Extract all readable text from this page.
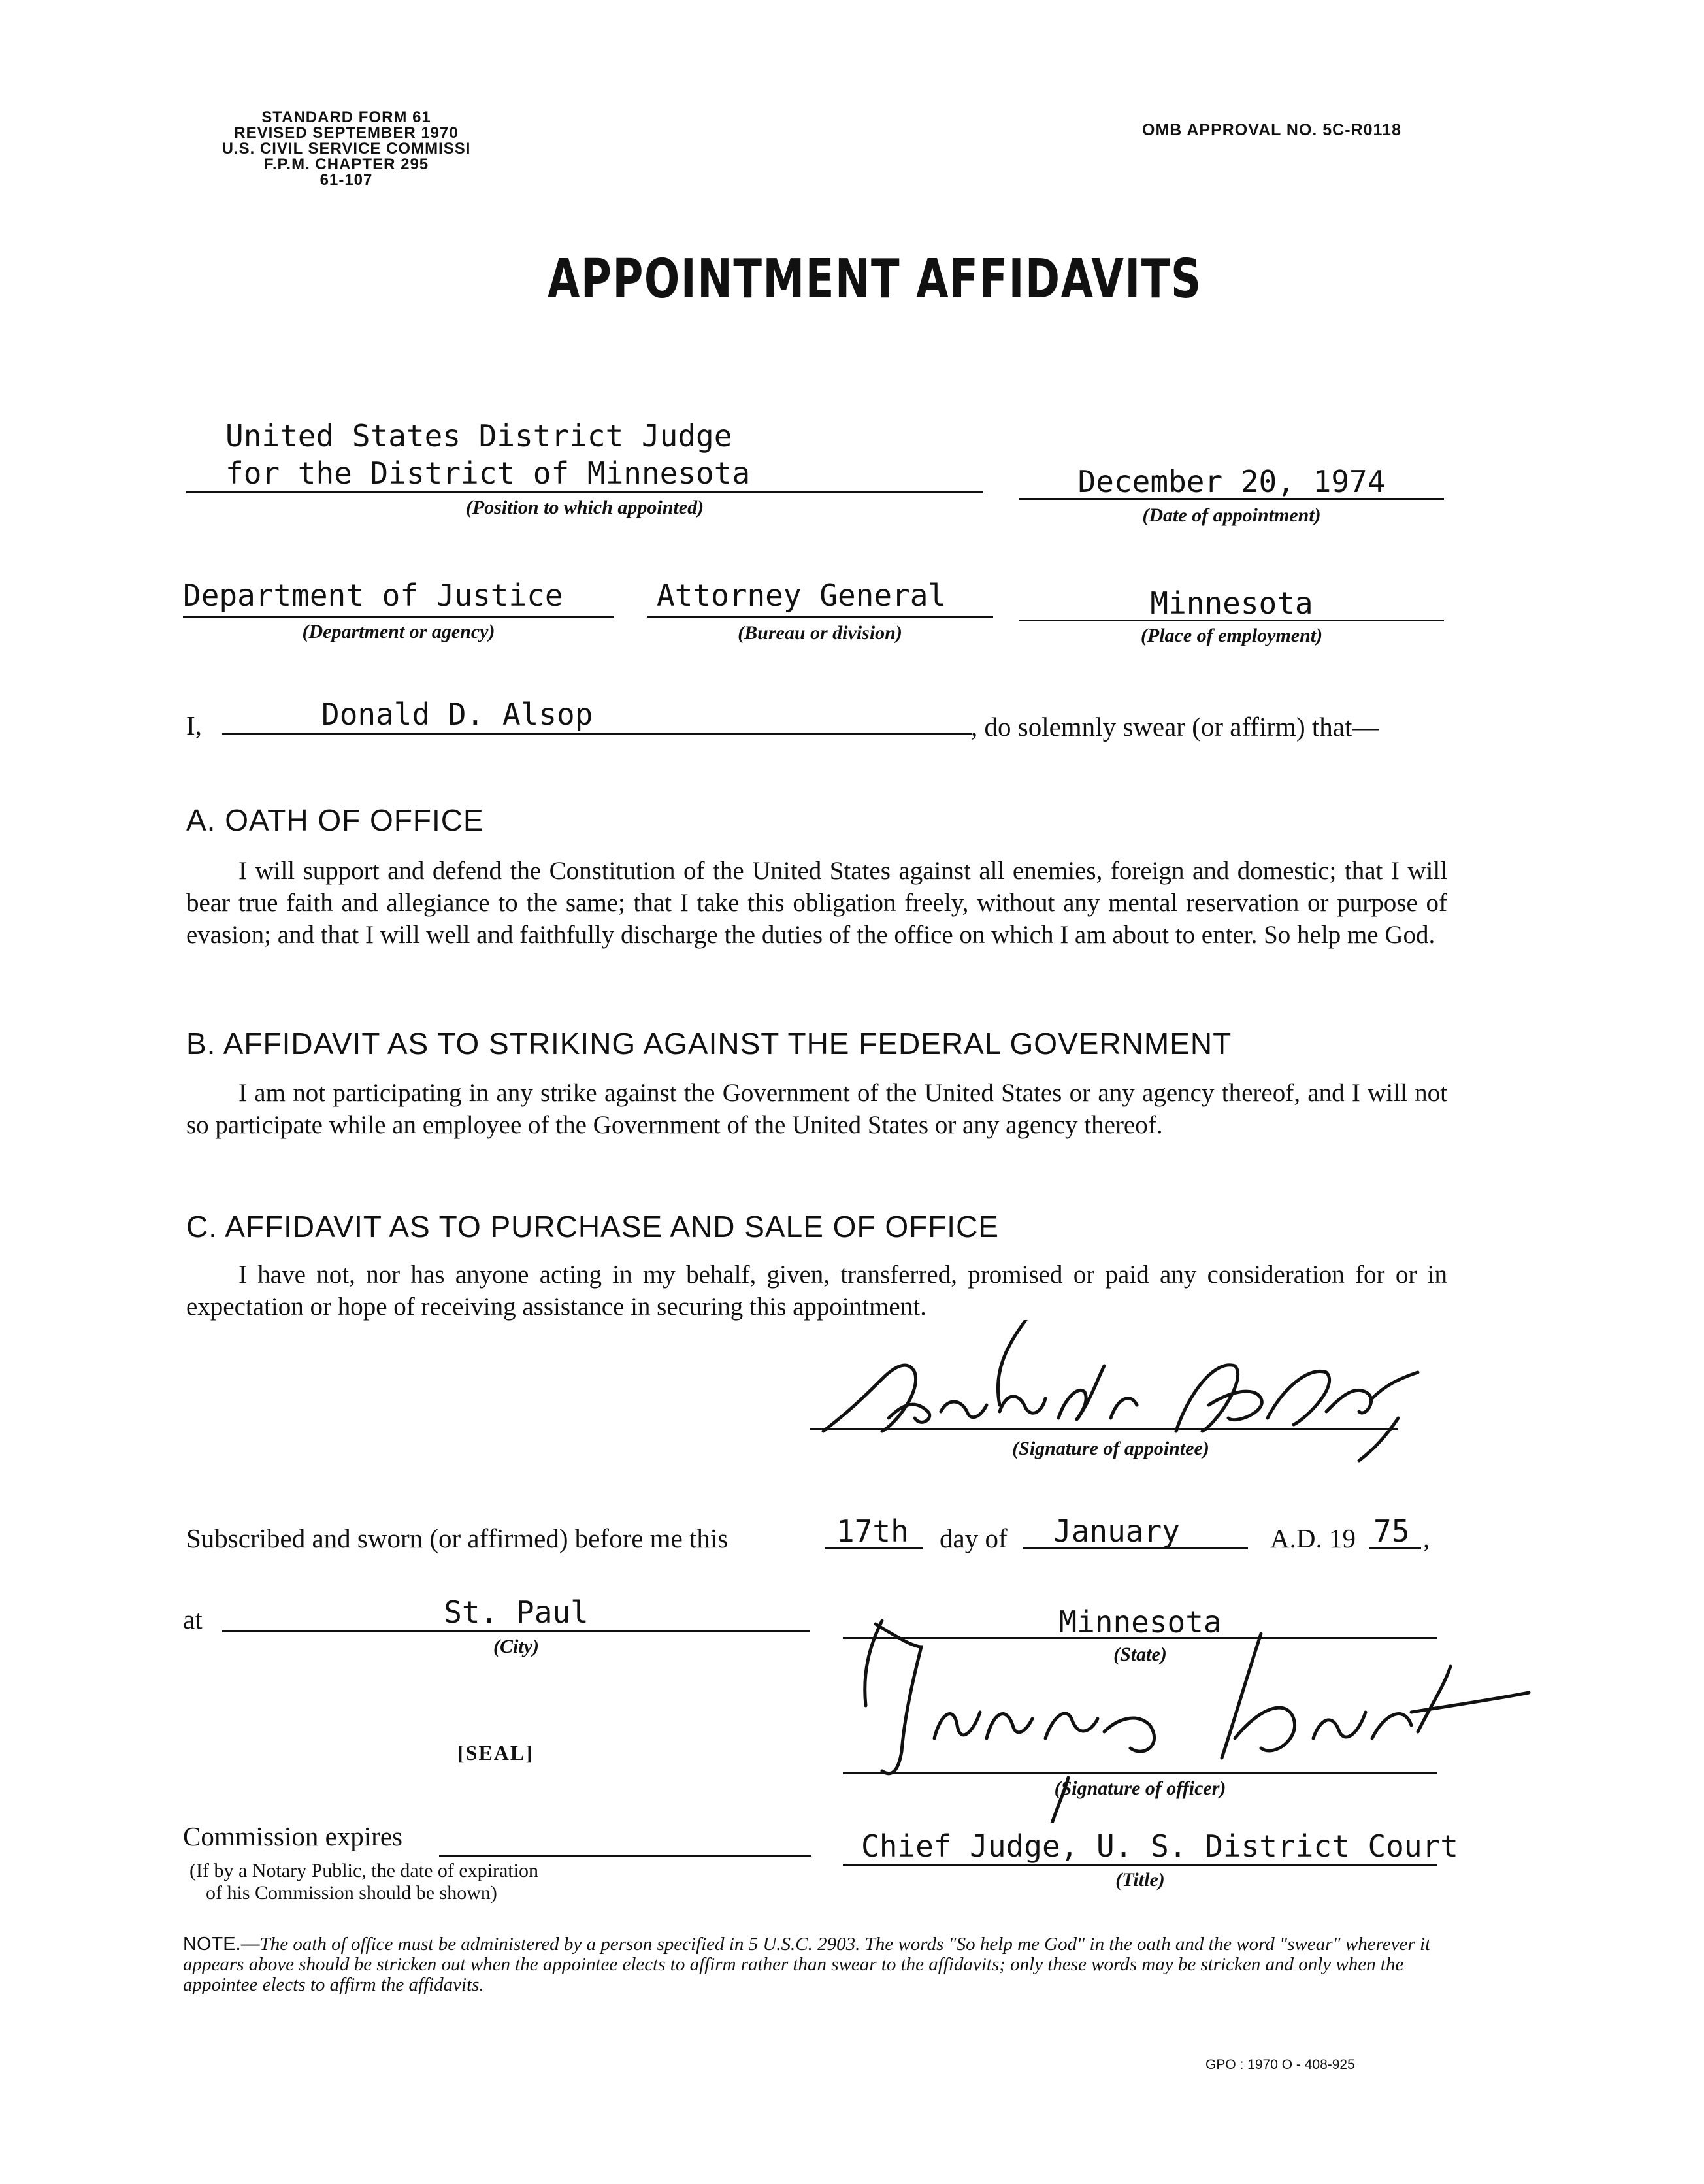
STANDARD FORM 61
REVISED SEPTEMBER 1970
U.S. CIVIL SERVICE COMMISSI
F.P.M. CHAPTER 295
61-107
OMB APPROVAL NO. 5C-R0118
APPOINTMENT AFFIDAVITS
United States District Judge
for the District of Minnesota
(Position to which appointed)
December 20, 1974
(Date of appointment)
Department of Justice
(Department or agency)
Attorney General
(Bureau or division)
Minnesota
(Place of employment)
I,	Donald D. Alsop	, do solemnly swear (or affirm) that—
A. OATH OF OFFICE
I will support and defend the Constitution of the United States against all enemies, foreign and domestic; that I will bear true faith and allegiance to the same; that I take this obligation freely, without any mental reservation or purpose of evasion; and that I will well and faithfully discharge the duties of the office on which I am about to enter. So help me God.
B. AFFIDAVIT AS TO STRIKING AGAINST THE FEDERAL GOVERNMENT
I am not participating in any strike against the Government of the United States or any agency thereof, and I will not so participate while an employee of the Government of the United States or any agency thereof.
C. AFFIDAVIT AS TO PURCHASE AND SALE OF OFFICE
I have not, nor has anyone acting in my behalf, given, transferred, promised or paid any consideration for or in expectation or hope of receiving assistance in securing this appointment.
(Signature of appointee)
Subscribed and sworn (or affirmed) before me this	17th day of January	A.D. 19 75 ,
at	St. Paul
(City)
Minnesota
(State)
[SEAL]
(Signature of officer)
Commission expires
(If by a Notary Public, the date of expiration
of his Commission should be shown)
Chief Judge, U. S. District Court
(Title)
NOTE.—The oath of office must be administered by a person specified in 5 U.S.C. 2903. The words "So help me God" in the oath and the word "swear" wherever it appears above should be stricken out when the appointee elects to affirm rather than swear to the affidavits; only these words may be stricken and only when the appointee elects to affirm the affidavits.
GPO : 1970 O - 408-925
